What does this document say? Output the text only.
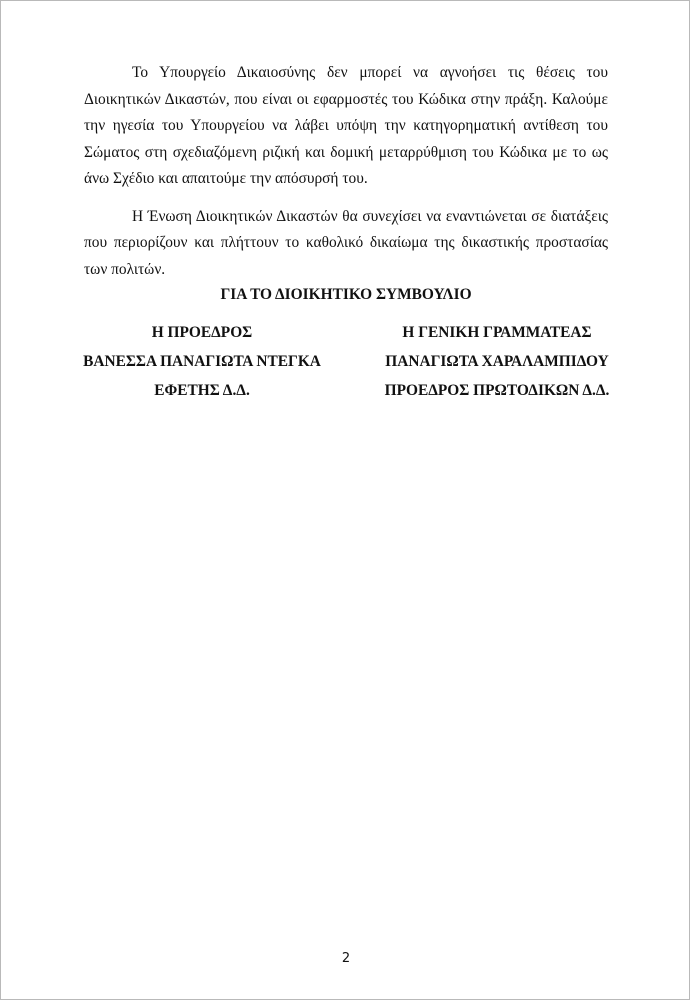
Το Υπουργείο Δικαιοσύνης δεν μπορεί να αγνοήσει τις θέσεις του Διοικητικών Δικαστών, που είναι οι εφαρμοστές του Κώδικα στην πράξη. Καλούμε την ηγεσία του Υπουργείου να λάβει υπόψη την κατηγορηματική αντίθεση του Σώματος στη σχεδιαζόμενη ριζική και δομική μεταρρύθμιση του Κώδικα με το ως άνω Σχέδιο και απαιτούμε την απόσυρσή του.

Η Ένωση Διοικητικών Δικαστών θα συνεχίσει να εναντιώνεται σε διατάξεις που περιορίζουν και πλήττουν το καθολικό δικαίωμα της δικαστικής προστασίας των πολιτών.

ΓΙΑ ΤΟ ΔΙΟΙΚΗΤΙΚΟ ΣΥΜΒΟΥΛΙΟ
Η ΠΡΟΕΔΡΟΣ
ΒΑΝΕΣΣΑ ΠΑΝΑΓΙΩΤΑ ΝΤΕΓΚΑ
ΕΦΕΤΗΣ Δ.Δ.
Η ΓΕΝΙΚΗ ΓΡΑΜΜΑΤΕΑΣ
ΠΑΝΑΓΙΩΤΑ ΧΑΡΑΛΑΜΠΙΔΟΥ
ΠΡΟΕΔΡΟΣ ΠΡΩΤΟΔΙΚΩΝ Δ.Δ.
2
